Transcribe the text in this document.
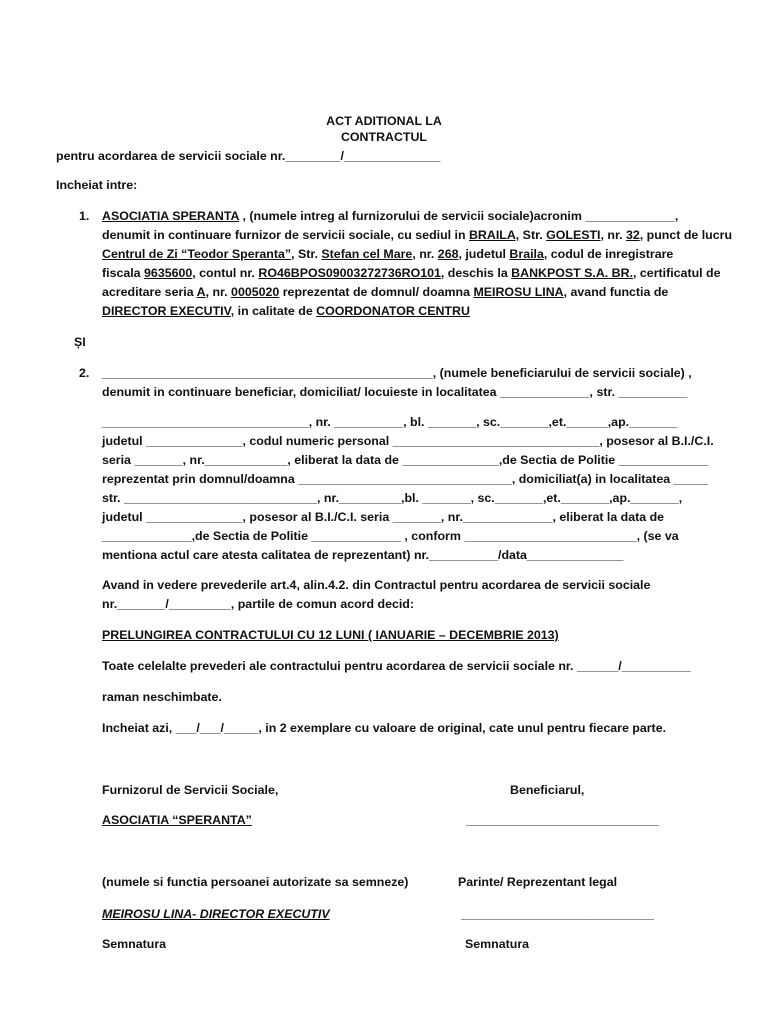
ACT ADITIONAL LA
CONTRACTUL
pentru acordarea de servicii sociale nr.________/______________
Incheiat intre:
1. ASOCIATIA SPERANTA , (numele intreg al furnizorului de servicii sociale)acronim _____________,
denumit in continuare furnizor de servicii sociale, cu sediul in BRAILA, Str. GOLESTI, nr. 32, punct de lucru
Centrul de Zi “Teodor Speranta”, Str. Stefan cel Mare, nr. 268, judetul Braila, codul de inregistrare
fiscala 9635600, contul nr. RO46BPOS09003272736RO101, deschis la BANKPOST S.A. BR., certificatul de
acreditare seria A, nr. 0005020 reprezentat de domnul/ doamna MEIROSU LINA, avand functia de
DIRECTOR EXECUTIV, in calitate de COORDONATOR CENTRU
ȘI
2. ________________________________________________, (numele beneficiarului de servicii sociale) ,
denumit in continuare beneficiar, domiciliat/ locuieste in localitatea _____________, str. __________
______________________________, nr. __________, bl. _______, sc._______,et.______,ap._______
judetul ______________, codul numeric personal ______________________________, posesor al B.I./C.I.
seria _______, nr.____________, eliberat la data de ______________,de Sectia de Politie _____________
reprezentat prin domnul/doamna _______________________________, domiciliat(a) in localitatea _____
str. ____________________________, nr._________,bl. _______, sc._______,et._______,ap._______,
judetul ______________, posesor al B.I./C.I. seria _______, nr._____________, eliberat la data de
_____________,de Sectia de Politie _____________ , conform _________________________, (se va
mentiona actul care atesta calitatea de reprezentant) nr.__________/data______________
Avand in vedere prevederile art.4, alin.4.2. din Contractul pentru acordarea de servicii sociale
nr._______/_________, partile de comun acord decid:
PRELUNGIREA CONTRACTULUI CU 12 LUNI ( IANUARIE – DECEMBRIE 2013)
Toate celelalte prevederi ale contractului pentru acordarea de servicii sociale nr. ______/__________
raman neschimbate.
Incheiat azi, ___/___/_____, in 2 exemplare cu valoare de original, cate unul pentru fiecare parte.
Furnizorul de Servicii Sociale,	Beneficiarul,
ASOCIATIA “SPERANTA”	____________________________
(numele si functia persoanei autorizate sa semneze)	Parinte/ Reprezentant legal
MEIROSU LINA- DIRECTOR EXECUTIV	____________________________
Semnatura	Semnatura
